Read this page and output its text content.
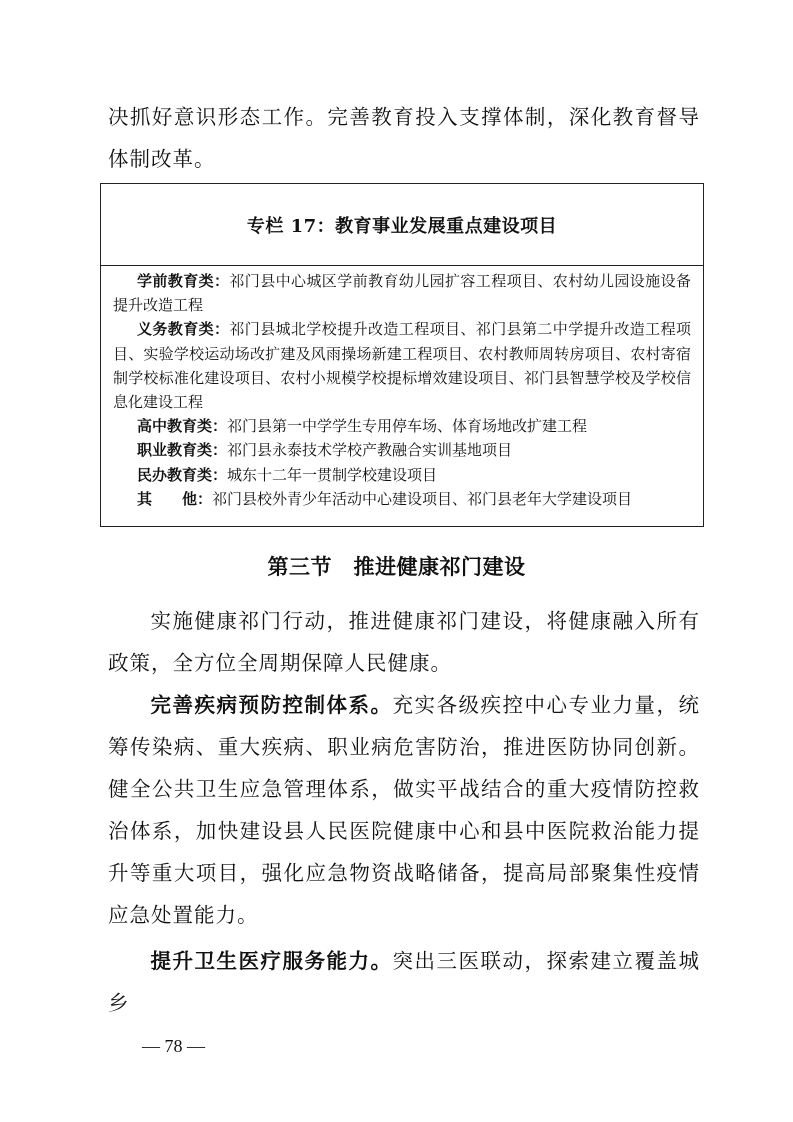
决抓好意识形态工作。完善教育投入支撑体制，深化教育督导体制改革。

专栏 17：教育事业发展重点建设项目

学前教育类：祁门县中心城区学前教育幼儿园扩容工程项目、农村幼儿园设施设备提升改造工程

义务教育类：祁门县城北学校提升改造工程项目、祁门县第二中学提升改造工程项目、实验学校运动场改扩建及风雨操场新建工程项目、农村教师周转房项目、农村寄宿制学校标准化建设项目、农村小规模学校提标增效建设项目、祁门县智慧学校及学校信息化建设工程

高中教育类：祁门县第一中学学生专用停车场、体育场地改扩建工程

职业教育类：祁门县永泰技术学校产教融合实训基地项目

民办教育类：城东十二年一贯制学校建设项目

其　　他：祁门县校外青少年活动中心建设项目、祁门县老年大学建设项目

第三节　推进健康祁门建设

实施健康祁门行动，推进健康祁门建设，将健康融入所有政策，全方位全周期保障人民健康。

完善疾病预防控制体系。充实各级疾控中心专业力量，统筹传染病、重大疾病、职业病危害防治，推进医防协同创新。健全公共卫生应急管理体系，做实平战结合的重大疫情防控救治体系，加快建设县人民医院健康中心和县中医院救治能力提升等重大项目，强化应急物资战略储备，提高局部聚集性疫情应急处置能力。

提升卫生医疗服务能力。突出三医联动，探索建立覆盖城乡

— 78 —
